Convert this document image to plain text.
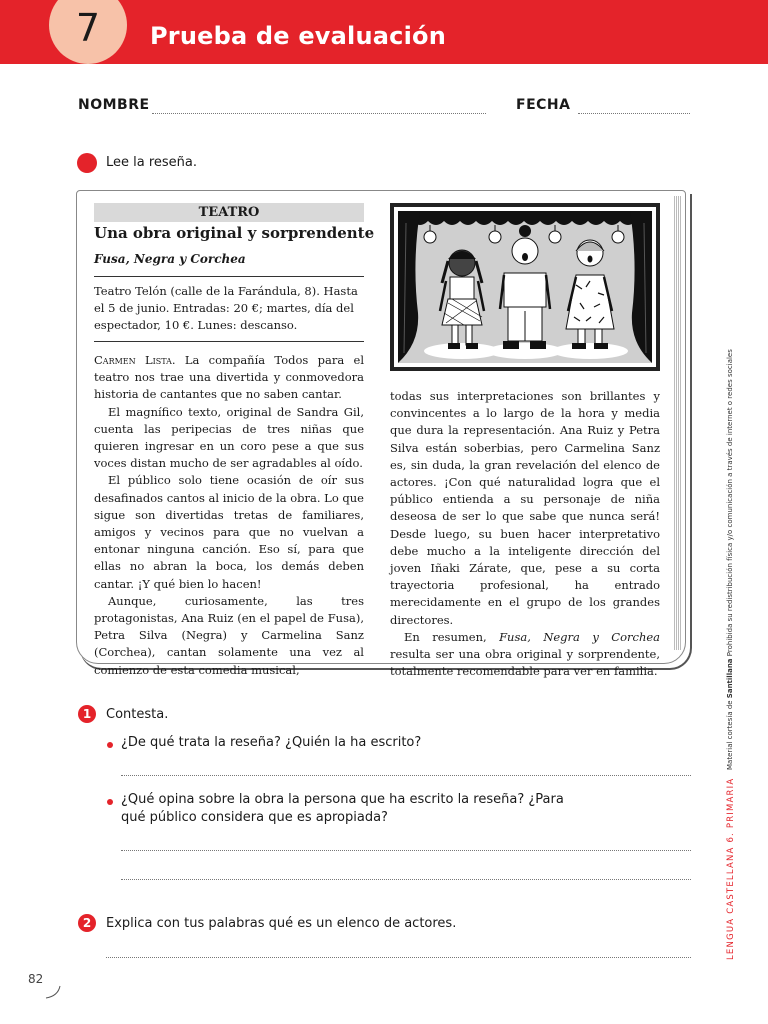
7 Prueba de evaluación
NOMBRE	FECHA
Lee la reseña.
TEATRO
Una obra original y sorprendente
Fusa, Negra y Corchea
Teatro Telón (calle de la Farándula, 8). Hasta el 5 de junio. Entradas: 20 €; martes, día del espectador, 10 €. Lunes: descanso.

Carmen Lista. La compañía Todos para el teatro nos trae una divertida y conmovedora historia de cantantes que no saben cantar.

El magnífico texto, original de Sandra Gil, cuenta las peripecias de tres niñas que quieren ingresar en un coro pese a que sus voces distan mucho de ser agradables al oído.

El público solo tiene ocasión de oír sus desafinados cantos al inicio de la obra. Lo que sigue son divertidas tretas de familiares, amigos y vecinos para que no vuelvan a entonar ninguna canción. Eso sí, para que ellas no abran la boca, los demás deben cantar. ¡Y qué bien lo hacen!

Aunque, curiosamente, las tres protagonistas, Ana Ruiz (en el papel de Fusa), Petra Silva (Negra) y Carmelina Sanz (Corchea), cantan solamente una vez al comienzo de esta comedia musical,

todas sus interpretaciones son brillantes y convincentes a lo largo de la hora y media que dura la representación. Ana Ruiz y Petra Silva están soberbias, pero Carmelina Sanz es, sin duda, la gran revelación del elenco de actores. ¡Con qué naturalidad logra que el público entienda a su personaje de niña deseosa de ser lo que sabe que nunca será! Desde luego, su buen hacer interpretativo debe mucho a la inteligente dirección del joven Iñaki Zárate, que, pese a su corta trayectoria profesional, ha entrado merecidamente en el grupo de los grandes directores.

En resumen, Fusa, Negra y Corchea resulta ser una obra original y sorprendente, totalmente recomendable para ver en familia.

1	Contesta.
¿De qué trata la reseña? ¿Quién la ha escrito?
¿Qué opina sobre la obra la persona que ha escrito la reseña? ¿Para qué público considera que es apropiada?
2	Explica con tus palabras qué es un elenco de actores.	LENGUA CASTELLANA 6. PRIMARIA
Material cortesía de Santillana Prohibida su redistribución física y/o comunicación a través de internet o redes sociales
82
